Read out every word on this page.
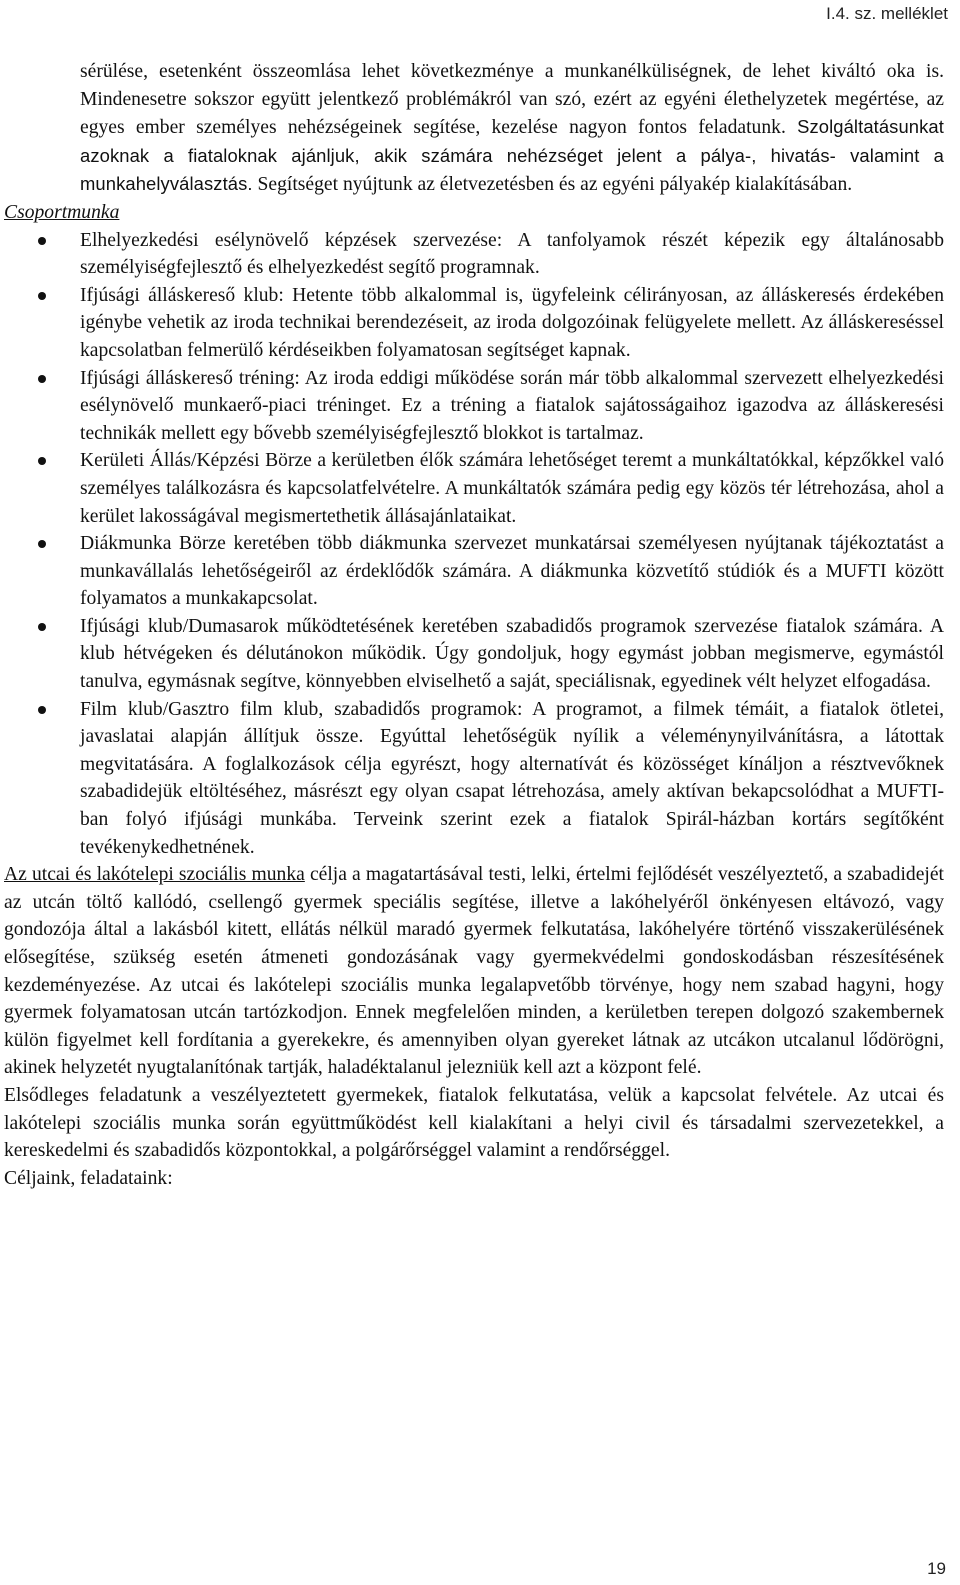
I.4. sz. melléklet

sérülése, esetenként összeomlása lehet következménye a munkanélküliségnek, de lehet kiváltó oka is. Mindenesetre sokszor együtt jelentkező problémákról van szó, ezért az egyéni élethelyzetek megértése, az egyes ember személyes nehézségeinek segítése, kezelése nagyon fontos feladatunk. Szolgáltatásunkat azoknak a fiataloknak ajánljuk, akik számára nehézséget jelent a pálya-, hivatás- valamint a munkahelyválasztás. Segítséget nyújtunk az életvezetésben és az egyéni pályakép kialakításában.

Csoportmunka

Elhelyezkedési esélynövelő képzések szervezése: A tanfolyamok részét képezik egy általánosabb személyiségfejlesztő és elhelyezkedést segítő programnak.
Ifjúsági álláskereső klub: Hetente több alkalommal is, ügyfeleink célirányosan, az álláskeresés érdekében igénybe vehetik az iroda technikai berendezéseit, az iroda dolgozóinak felügyelete mellett. Az álláskereséssel kapcsolatban felmerülő kérdéseikben folyamatosan segítséget kapnak.
Ifjúsági álláskereső tréning: Az iroda eddigi működése során már több alkalommal szervezett elhelyezkedési esélynövelő munkaerő-piaci tréninget. Ez a tréning a fiatalok sajátosságaihoz igazodva az álláskeresési technikák mellett egy bővebb személyiségfejlesztő blokkot is tartalmaz.
Kerületi Állás/Képzési Börze a kerületben élők számára lehetőséget teremt a munkáltatókkal, képzőkkel való személyes találkozásra és kapcsolatfelvételre. A munkáltatók számára pedig egy közös tér létrehozása, ahol a kerület lakosságával megismertethetik állásajánlataikat.
Diákmunka Börze keretében több diákmunka szervezet munkatársai személyesen nyújtanak tájékoztatást a munkavállalás lehetőségeiről az érdeklődők számára. A diákmunka közvetítő stúdiók és a MUFTI között folyamatos a munkakapcsolat.
Ifjúsági klub/Dumasarok működtetésének keretében szabadidős programok szervezése fiatalok számára. A klub hétvégeken és délutánokon működik. Úgy gondoljuk, hogy egymást jobban megismerve, egymástól tanulva, egymásnak segítve, könnyebben elviselhető a saját, speciálisnak, egyedinek vélt helyzet elfogadása.
Film klub/Gasztro film klub, szabadidős programok: A programot, a filmek témáit, a fiatalok ötletei, javaslatai alapján állítjuk össze. Egyúttal lehetőségük nyílik a véleménynyilvánításra, a látottak megvitatására. A foglalkozások célja egyrészt, hogy alternatívát és közösséget kínáljon a résztvevőknek szabadidejük eltöltéséhez, másrészt egy olyan csapat létrehozása, amely aktívan bekapcsolódhat a MUFTI-ban folyó ifjúsági munkába. Terveink szerint ezek a fiatalok Spirál-házban kortárs segítőként tevékenykedhetnének.

Az utcai és lakótelepi szociális munka célja a magatartásával testi, lelki, értelmi fejlődését veszélyeztető, a szabadidejét az utcán töltő kallódó, csellengő gyermek speciális segítése, illetve a lakóhelyéről önkényesen eltávozó, vagy gondozója által a lakásból kitett, ellátás nélkül maradó gyermek felkutatása, lakóhelyére történő visszakerülésének elősegítése, szükség esetén átmeneti gondozásának vagy gyermekvédelmi gondoskodásban részesítésének kezdeményezése. Az utcai és lakótelepi szociális munka legalapvetőbb törvénye, hogy nem szabad hagyni, hogy gyermek folyamatosan utcán tartózkodjon. Ennek megfelelően minden, a kerületben terepen dolgozó szakembernek külön figyelmet kell fordítania a gyerekekre, és amennyiben olyan gyereket látnak az utcákon utcalanul lődörögni, akinek helyzetét nyugtalanítónak tartják, haladéktalanul jelezniük kell azt a központ felé.

Elsődleges feladatunk a veszélyeztetett gyermekek, fiatalok felkutatása, velük a kapcsolat felvétele. Az utcai és lakótelepi szociális munka során együttműködést kell kialakítani a helyi civil és társadalmi szervezetekkel, a kereskedelmi és szabadidős központokkal, a polgárőrséggel valamint a rendőrséggel.

Céljaink, feladataink:

19
